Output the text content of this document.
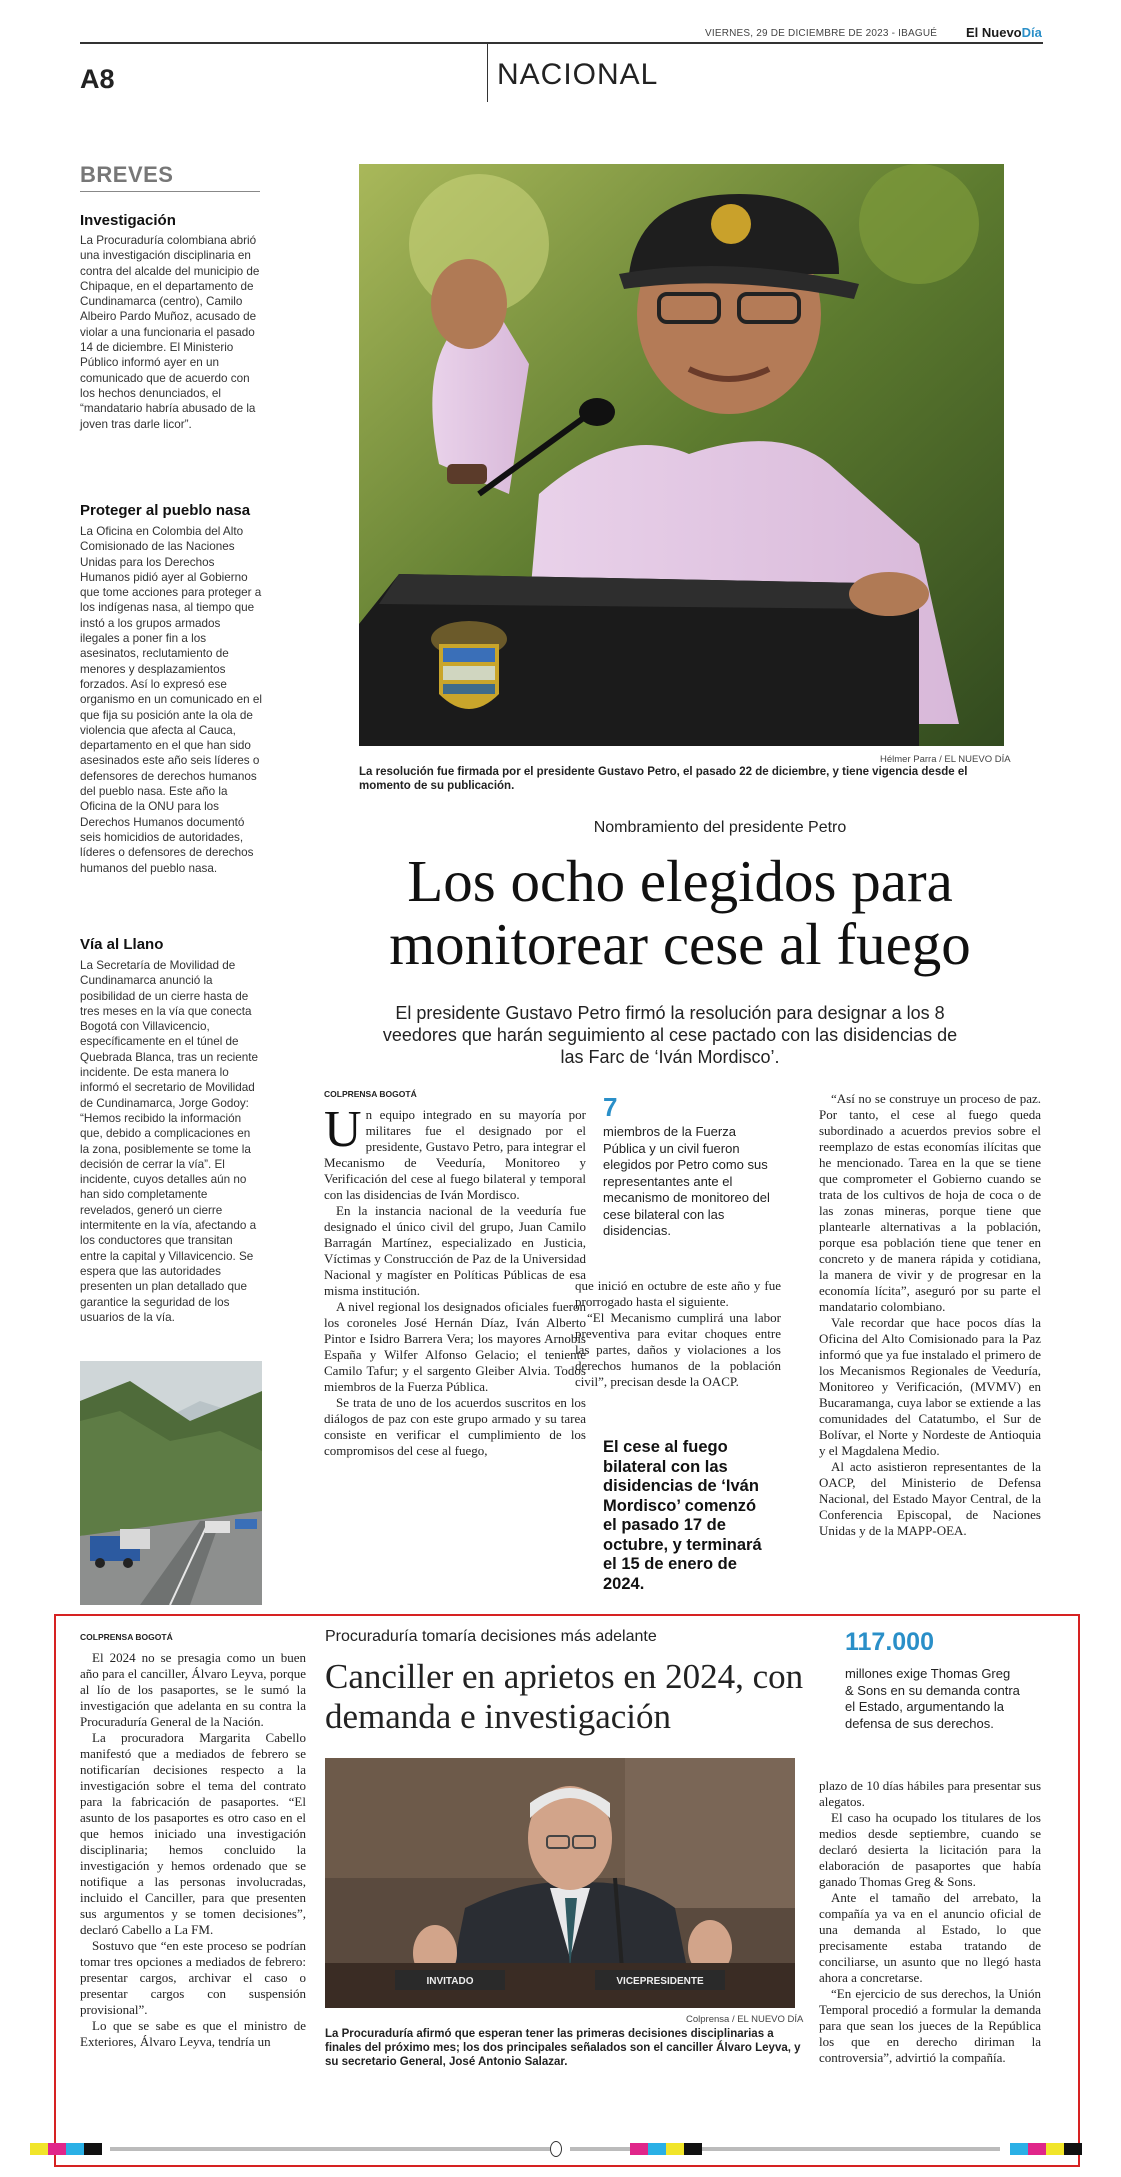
VIERNES, 29 DE DICIEMBRE DE 2023 - IBAGUÉ El NuevoDía
A8	NACIONAL
BREVES
Investigación
La Procuraduría colombiana abrió una investigación disciplinaria en contra del alcalde del municipio de Chipaque, en el departamento de Cundinamarca (centro), Camilo Albeiro Pardo Muñoz, acusado de violar a una funcionaria el pasado 14 de diciembre. El Ministerio Público informó ayer en un comunicado que de acuerdo con los hechos denunciados, el “mandatario habría abusado de la joven tras darle licor”.
Proteger al pueblo nasa
La Oficina en Colombia del Alto Comisionado de las Naciones Unidas para los Derechos Humanos pidió ayer al Gobierno que tome acciones para proteger a los indígenas nasa, al tiempo que instó a los grupos armados ilegales a poner fin a los asesinatos, reclutamiento de menores y desplazamientos forzados. Así lo expresó ese organismo en un comunicado en el que fija su posición ante la ola de violencia que afecta al Cauca, departamento en el que han sido asesinados este año seis líderes o defensores de derechos humanos del pueblo nasa. Este año la Oficina de la ONU para los Derechos Humanos documentó seis homicidios de autoridades, líderes o defensores de derechos humanos del pueblo nasa.
Vía al Llano
La Secretaría de Movilidad de Cundinamarca anunció la posibilidad de un cierre hasta de tres meses en la vía que conecta Bogotá con Villavicencio, específicamente en el túnel de Quebrada Blanca, tras un reciente incidente. De esta manera lo informó el secretario de Movilidad de Cundinamarca, Jorge Godoy: “Hemos recibido la información que, debido a complicaciones en la zona, posiblemente se tome la decisión de cerrar la vía”. El incidente, cuyos detalles aún no han sido completamente revelados, generó un cierre intermitente en la vía, afectando a los conductores que transitan entre la capital y Villavicencio. Se espera que las autoridades presenten un plan detallado que garantice la seguridad de los usuarios de la vía.
Hélmer Parra / EL NUEVO DÍA
La resolución fue firmada por el presidente Gustavo Petro, el pasado 22 de diciembre, y tiene vigencia desde el momento de su publicación.
Nombramiento del presidente Petro
Los ocho elegidos para monitorear cese al fuego
El presidente Gustavo Petro firmó la resolución para designar a los 8 veedores que harán seguimiento al cese pactado con las disidencias de las Farc de ‘Iván Mordisco’.
COLPRENSA BOGOTÁ
U n equipo integrado en su mayoría por militares fue el designado por el presidente, Gustavo Petro, para integrar el Mecanismo de Veeduría, Monitoreo y Verificación del cese al fuego bilateral y temporal con las disidencias de Iván Mordisco.

En la instancia nacional de la veeduría fue designado el único civil del grupo, Juan Camilo Barragán Martínez, especializado en Justicia, Víctimas y Construcción de Paz de la Universidad Nacional y magíster en Políticas Públicas de esa misma institución.

A nivel regional los designados oficiales fueron los coroneles José Hernán Díaz, Iván Alberto Pintor e Isidro Barrera Vera; los mayores Arnobis España y Wilfer Alfonso Gelacio; el teniente Camilo Tafur; y el sargento Gleiber Alvia. Todos miembros de la Fuerza Pública.

Se trata de uno de los acuerdos suscritos en los diálogos de paz con este grupo armado y su tarea consiste en verificar el cumplimiento de los compromisos del cese al fuego,

7
miembros de la Fuerza Pública y un civil fueron elegidos por Petro como sus representantes ante el mecanismo de monitoreo del cese bilateral con las disidencias.

que inició en octubre de este año y fue prorrogado hasta el siguiente.

“El Mecanismo cumplirá una labor preventiva para evitar choques entre las partes, daños y violaciones a los derechos humanos de la población civil”, precisan desde la OACP.

El cese al fuego bilateral con las disidencias de ‘Iván Mordisco’ comenzó el pasado 17 de octubre, y terminará el 15 de enero de 2024.

“Así no se construye un proceso de paz. Por tanto, el cese al fuego queda subordinado a acuerdos previos sobre el reemplazo de estas economías ilícitas que he mencionado. Tarea en la que se tiene que comprometer el Gobierno cuando se trata de los cultivos de hoja de coca o de las zonas mineras, porque tiene que plantearle alternativas a la población, porque esa población tiene que tener en concreto y de manera rápida y cotidiana, la manera de vivir y de progresar en la economía lícita”, aseguró por su parte el mandatario colombiano.

Vale recordar que hace pocos días la Oficina del Alto Comisionado para la Paz informó que ya fue instalado el primero de los Mecanismos Regionales de Veeduría, Monitoreo y Verificación, (MVMV) en Bucaramanga, cuya labor se extiende a las comunidades del Catatumbo, el Sur de Bolívar, el Norte y Nordeste de Antioquia y el Magdalena Medio.

Al acto asistieron representantes de la OACP, del Ministerio de Defensa Nacional, del Estado Mayor Central, de la Conferencia Episcopal, de Naciones Unidas y de la MAPP-OEA.

COLPRENSA BOGOTÁ

El 2024 no se presagia como un buen año para el canciller, Álvaro Leyva, porque al lío de los pasaportes, se le sumó la investigación que adelanta en su contra la Procuraduría General de la Nación.

La procuradora Margarita Cabello manifestó que a mediados de febrero se notificarían decisiones respecto a la investigación sobre el tema del contrato para la fabricación de pasaportes. “El asunto de los pasaportes es otro caso en el que hemos iniciado una investigación disciplinaria; hemos concluido la investigación y hemos ordenado que se notifique a las personas involucradas, incluido el Canciller, para que presenten sus argumentos y se tomen decisiones”, declaró Cabello a La FM.

Sostuvo que “en este proceso se podrían tomar tres opciones a mediados de febrero: presentar cargos, archivar el caso o presentar cargos con suspensión provisional”.

Lo que se sabe es que el ministro de Exteriores, Álvaro Leyva, tendría un

Procuraduría tomaría decisiones más adelante
Canciller en aprietos en 2024, con demanda e investigación
117.000
millones exige Thomas Greg & Sons en su demanda contra el Estado, argumentando la defensa de sus derechos.
INVITADO	VICEPRESIDENTE
Colprensa / EL NUEVO DÍA
La Procuraduría afirmó que esperan tener las primeras decisiones disciplinarias a finales del próximo mes; los dos principales señalados son el canciller Álvaro Leyva, y su secretario General, José Antonio Salazar.

plazo de 10 días hábiles para presentar sus alegatos.

El caso ha ocupado los titulares de los medios desde septiembre, cuando se declaró desierta la licitación para la elaboración de pasaportes que había ganado Thomas Greg & Sons.

Ante el tamaño del arrebato, la compañía ya va en el anuncio oficial de una demanda al Estado, lo que precisamente estaba tratando de conciliarse, un asunto que no llegó hasta ahora a concretarse.

“En ejercicio de sus derechos, la Unión Temporal procedió a formular la demanda para que sean los jueces de la República los que en derecho diriman la controversia”, advirtió la compañía.
